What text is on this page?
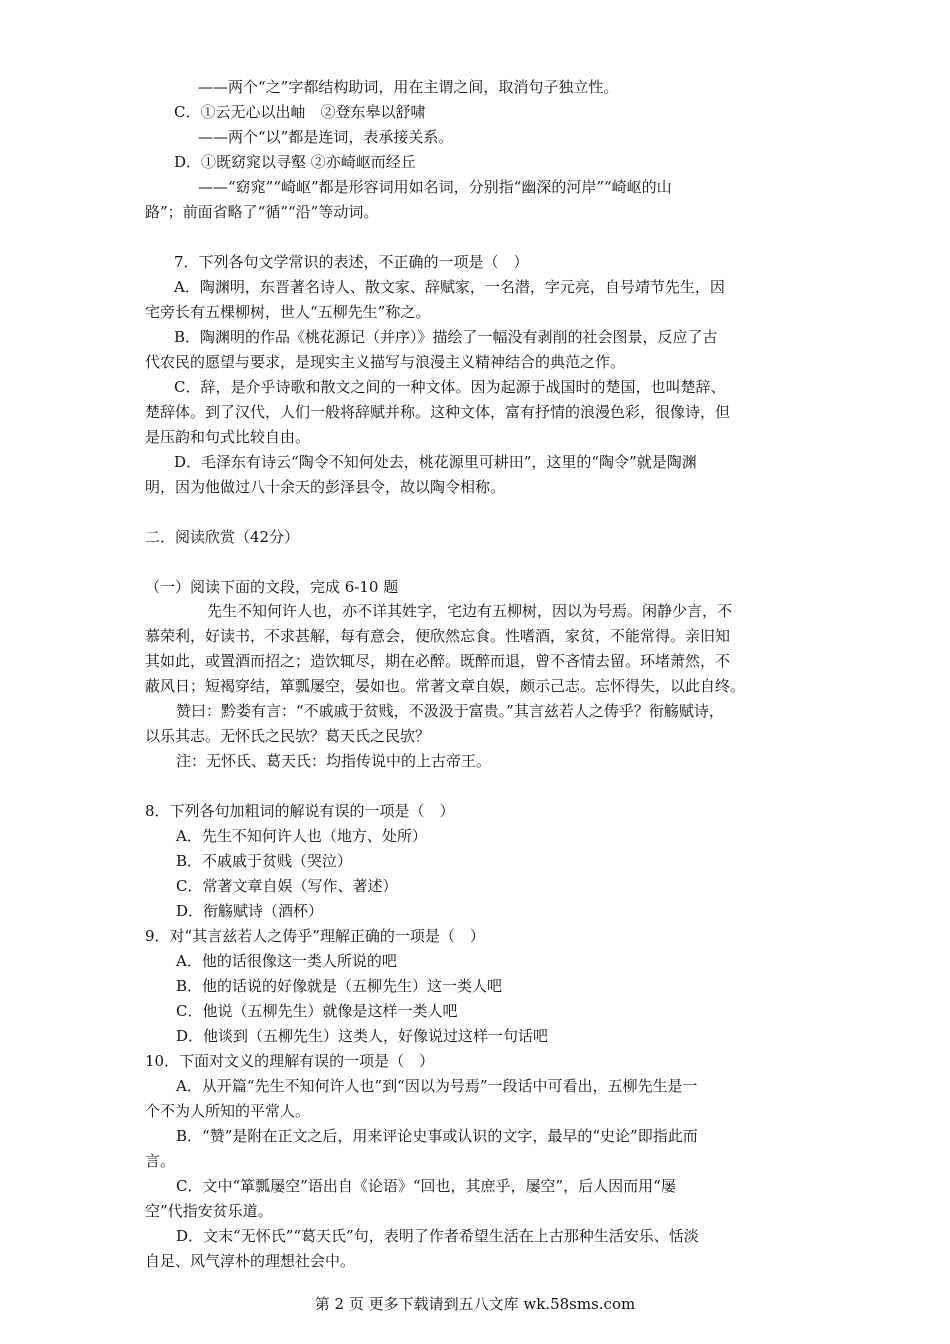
——两个“之”字都结构助词，用在主谓之间，取消句子独立性。
C．①云无心以出岫　②登东皋以舒啸
——两个“以”都是连词，表承接关系。
D．①既窈窕以寻壑 ②亦崎岖而经丘
——“窈窕”“崎岖”都是形容词用如名词，分别指“幽深的河岸”“崎岖的山
路”；前面省略了“循”“沿”等动词。
7．下列各句文学常识的表述，不正确的一项是（　）
A．陶渊明，东晋著名诗人、散文家、辞赋家，一名潜，字元亮，自号靖节先生，因
宅旁长有五棵柳树，世人“五柳先生”称之。
B．陶渊明的作品《桃花源记（并序）》描绘了一幅没有剥削的社会图景，反应了古
代农民的愿望与要求，是现实主义描写与浪漫主义精神结合的典范之作。
C．辞，是介乎诗歌和散文之间的一种文体。因为起源于战国时的楚国，也叫楚辞、
楚辞体。到了汉代，人们一般将辞赋并称。这种文体，富有抒情的浪漫色彩，很像诗，但
是压韵和句式比较自由。
D．毛泽东有诗云“陶令不知何处去，桃花源里可耕田”，这里的“陶令”就是陶渊
明，因为他做过八十余天的彭泽县令，故以陶令相称。
二．阅读欣赏（42分）
（一）阅读下面的文段，完成 6-10 题
先生不知何许人也，亦不详其姓字，宅边有五柳树，因以为号焉。闲静少言，不
慕荣利，好读书，不求甚解，每有意会，便欣然忘食。性嗜酒，家贫，不能常得。亲旧知
其如此，或置酒而招之；造饮辄尽，期在必醉。既醉而退，曾不吝情去留。环堵萧然，不
蔽风日；短褐穿结，箪瓢屡空，晏如也。常著文章自娱，颇示己志。忘怀得失，以此自终。
赞曰：黔娄有言：“不戚戚于贫贱，不汲汲于富贵。”其言兹若人之俦乎？衔觞赋诗，
以乐其志。无怀氏之民欤？葛天氏之民欤？
注：无怀氏、葛天氏：均指传说中的上古帝王。
8．下列各句加粗词的解说有误的一项是（　）
A．先生不知何许人也（地方、处所）
B．不戚戚于贫贱（哭泣）
C．常著文章自娱（写作、著述）
D．衔觞赋诗（酒杯）
9．对“其言兹若人之俦乎”理解正确的一项是（　）
A．他的话很像这一类人所说的吧
B．他的话说的好像就是（五柳先生）这一类人吧
C．他说（五柳先生）就像是这样一类人吧
D．他谈到（五柳先生）这类人，好像说过这样一句话吧
10．下面对文义的理解有误的一项是（　）
A．从开篇“先生不知何许人也”到“因以为号焉”一段话中可看出，五柳先生是一
个不为人所知的平常人。
B．“赞”是附在正文之后，用来评论史事或认识的文字，最早的“史论”即指此而
言。
C．文中“箪瓢屡空”语出自《论语》“回也，其庶乎，屡空”，后人因而用“屡
空”代指安贫乐道。
D．文末“无怀氏”“葛天氏”句，表明了作者希望生活在上古那种生活安乐、恬淡
自足、风气淳朴的理想社会中。
第 2 页 更多下载请到五八文库 wk.58sms.com
